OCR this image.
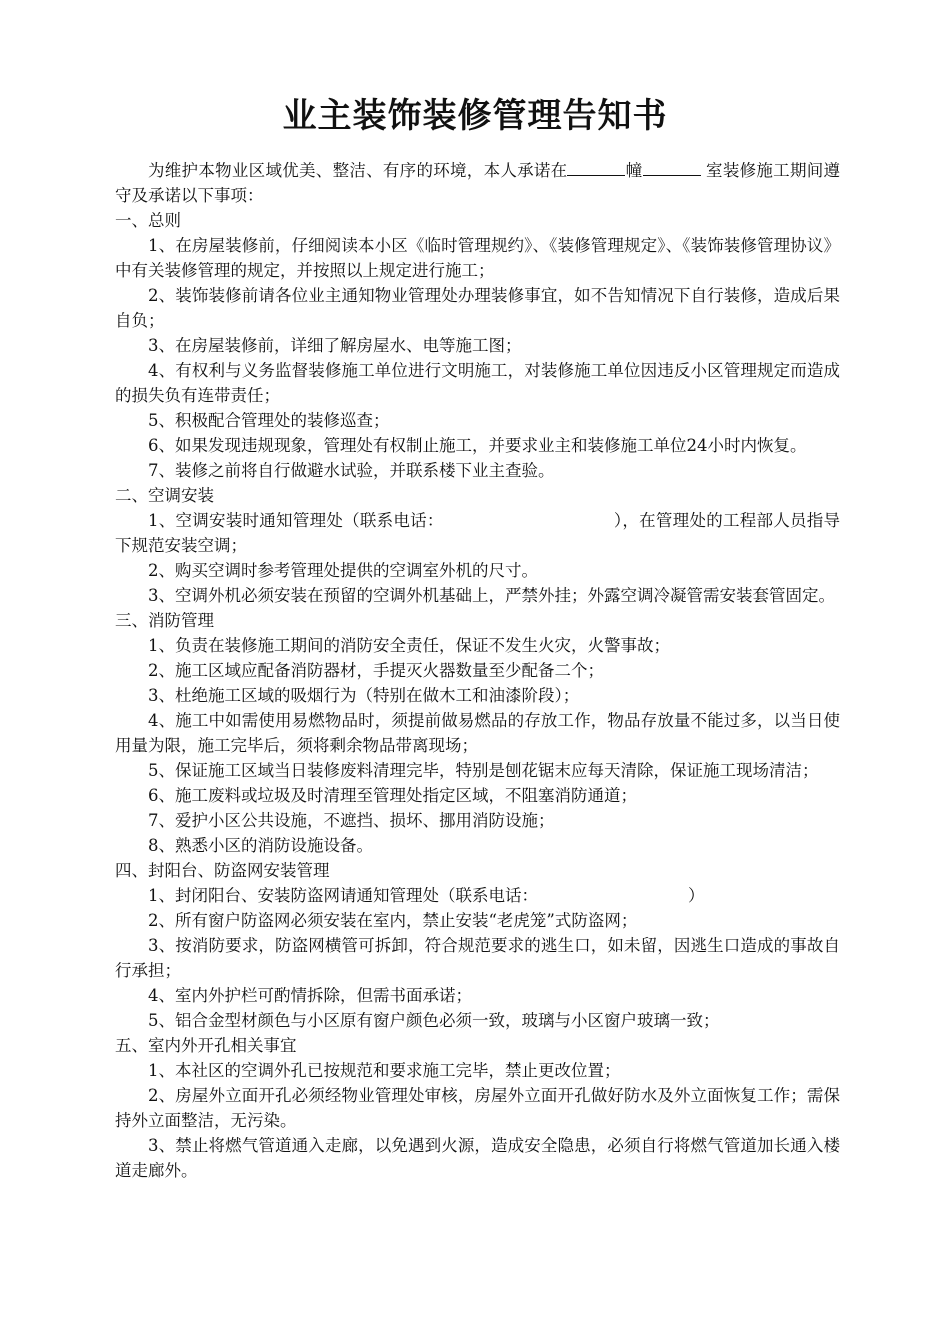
业主装饰装修管理告知书

为维护本物业区域优美、整洁、有序的环境，本人承诺在	幢	室装修施工期间遵守及承诺以下事项：

一、总则

1、在房屋装修前，仔细阅读本小区《临时管理规约》、《装修管理规定》、《装饰装修管理协议》中有关装修管理的规定，并按照以上规定进行施工；

2、装饰装修前请各位业主通知物业管理处办理装修事宜，如不告知情况下自行装修，造成后果自负；

3、在房屋装修前，详细了解房屋水、电等施工图；

4、有权利与义务监督装修施工单位进行文明施工，对装修施工单位因违反小区管理规定而造成的损失负有连带责任；

5、积极配合管理处的装修巡查；

6、如果发现违规现象，管理处有权制止施工，并要求业主和装修施工单位24小时内恢复。

7、装修之前将自行做避水试验，并联系楼下业主查验。

二、空调安装

1、空调安装时通知管理处（联系电话：	），在管理处的工程部人员指导下规范安装空调；

2、购买空调时参考管理处提供的空调室外机的尺寸。

3、空调外机必须安装在预留的空调外机基础上，严禁外挂；外露空调冷凝管需安装套管固定。

三、消防管理

1、负责在装修施工期间的消防安全责任，保证不发生火灾，火警事故；

2、施工区域应配备消防器材，手提灭火器数量至少配备二个；

3、杜绝施工区域的吸烟行为（特别在做木工和油漆阶段）；

4、施工中如需使用易燃物品时，须提前做易燃品的存放工作，物品存放量不能过多，以当日使用量为限，施工完毕后，须将剩余物品带离现场；

5、保证施工区域当日装修废料清理完毕，特别是刨花锯末应每天清除，保证施工现场清洁；

6、施工废料或垃圾及时清理至管理处指定区域，不阻塞消防通道；

7、爱护小区公共设施，不遮挡、损坏、挪用消防设施；

8、熟悉小区的消防设施设备。

四、封阳台、防盗网安装管理

1、封闭阳台、安装防盗网请通知管理处（联系电话：	）

2、所有窗户防盗网必须安装在室内，禁止安装“老虎笼”式防盗网；

3、按消防要求，防盗网横管可拆卸，符合规范要求的逃生口，如未留，因逃生口造成的事故自行承担；

4、室内外护栏可酌情拆除，但需书面承诺；

5、铝合金型材颜色与小区原有窗户颜色必须一致，玻璃与小区窗户玻璃一致；

五、室内外开孔相关事宜

1、本社区的空调外孔已按规范和要求施工完毕，禁止更改位置；

2、房屋外立面开孔必须经物业管理处审核，房屋外立面开孔做好防水及外立面恢复工作；需保持外立面整洁，无污染。

3、禁止将燃气管道通入走廊，以免遇到火源，造成安全隐患，必须自行将燃气管道加长通入楼道走廊外。
